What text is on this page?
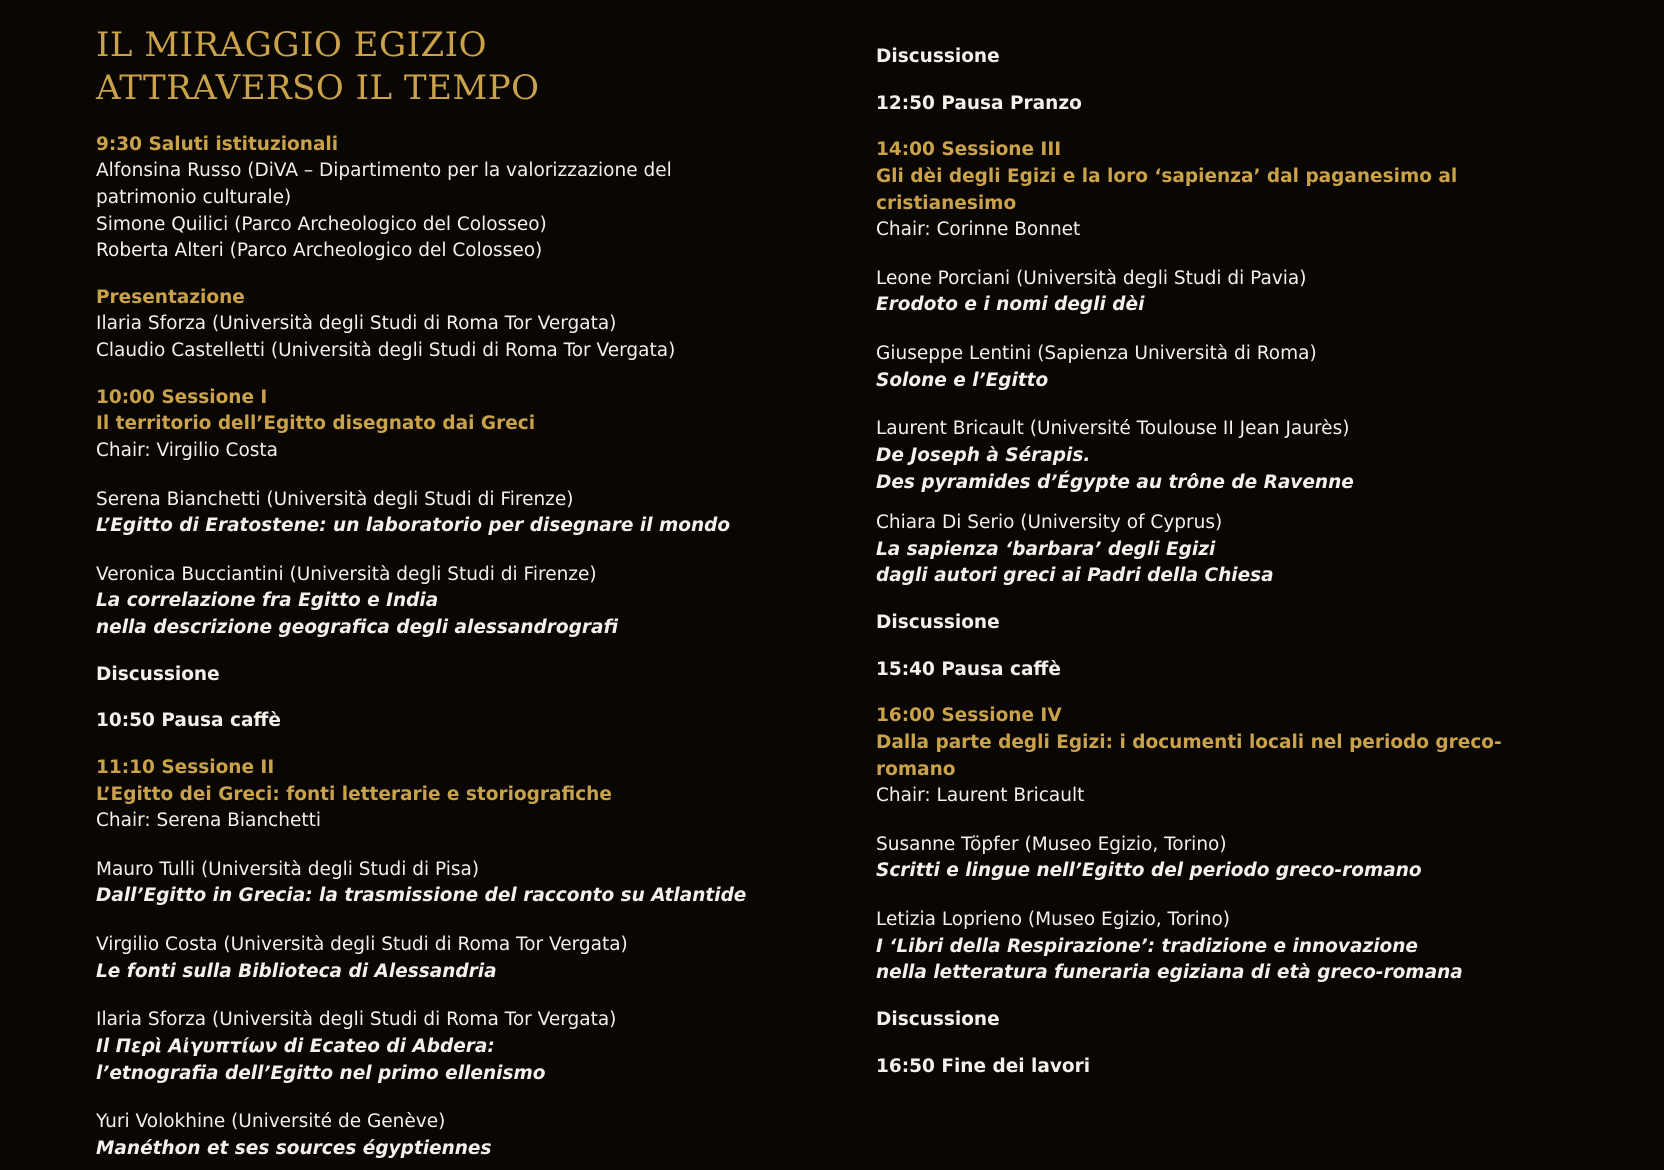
IL MIRAGGIO EGIZIO
ATTRAVERSO IL TEMPO
9:30 Saluti istituzionali
Alfonsina Russo (DiVA – Dipartimento per la valorizzazione del
patrimonio culturale)
Simone Quilici (Parco Archeologico del Colosseo)
Roberta Alteri (Parco Archeologico del Colosseo)
Presentazione
Ilaria Sforza (Università degli Studi di Roma Tor Vergata)
Claudio Castelletti (Università degli Studi di Roma Tor Vergata)
10:00 Sessione I
Il territorio dell’Egitto disegnato dai Greci
Chair: Virgilio Costa
Serena Bianchetti (Università degli Studi di Firenze)
L’Egitto di Eratostene: un laboratorio per disegnare il mondo
Veronica Bucciantini (Università degli Studi di Firenze)
La correlazione fra Egitto e India
nella descrizione geografica degli alessandrografi
Discussione
10:50 Pausa caffè
11:10 Sessione II
L’Egitto dei Greci: fonti letterarie e storiografiche
Chair: Serena Bianchetti
Mauro Tulli (Università degli Studi di Pisa)
Dall’Egitto in Grecia: la trasmissione del racconto su Atlantide
Virgilio Costa (Università degli Studi di Roma Tor Vergata)
Le fonti sulla Biblioteca di Alessandria
Ilaria Sforza (Università degli Studi di Roma Tor Vergata)
Il Περὶ Αἰγυπτίων di Ecateo di Abdera:
l’etnografia dell’Egitto nel primo ellenismo
Yuri Volokhine (Université de Genève)
Manéthon et ses sources égyptiennes
Discussione
12:50 Pausa Pranzo
14:00 Sessione III
Gli dèi degli Egizi e la loro ‘sapienza’ dal paganesimo al cristianesimo
Chair: Corinne Bonnet
Leone Porciani (Università degli Studi di Pavia)
Erodoto e i nomi degli dèi
Giuseppe Lentini (Sapienza Università di Roma)
Solone e l’Egitto
Laurent Bricault (Université Toulouse II Jean Jaurès)
De Joseph à Sérapis.
Des pyramides d’Égypte au trône de Ravenne
Chiara Di Serio (University of Cyprus)
La sapienza ‘barbara’ degli Egizi
dagli autori greci ai Padri della Chiesa
Discussione
15:40 Pausa caffè
16:00 Sessione IV
Dalla parte degli Egizi: i documenti locali nel periodo greco-romano
Chair: Laurent Bricault
Susanne Töpfer (Museo Egizio, Torino)
Scritti e lingue nell’Egitto del periodo greco-romano
Letizia Loprieno (Museo Egizio, Torino)
I ‘Libri della Respirazione’: tradizione e innovazione
nella letteratura funeraria egiziana di età greco-romana
Discussione
16:50 Fine dei lavori
